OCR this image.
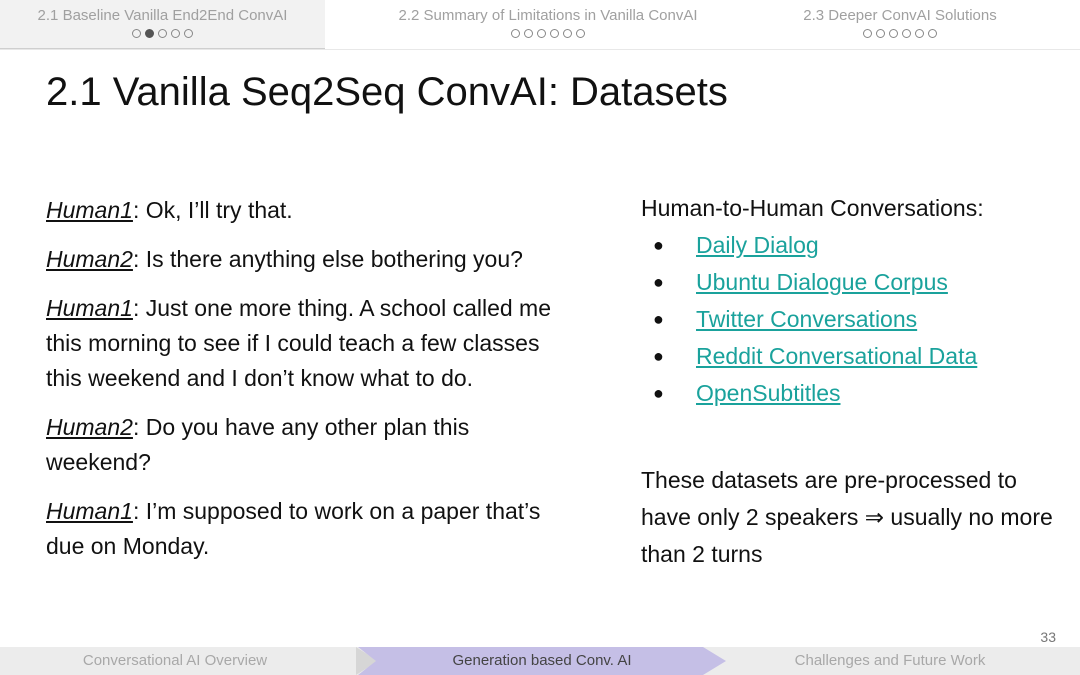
2.1 Baseline Vanilla End2End ConvAI	2.2 Summary of Limitations in Vanilla ConvAI	2.3 Deeper ConvAI Solutions
2.1 Vanilla Seq2Seq ConvAI: Datasets
Human1: Ok, I’ll try that.
Human2: Is there anything else bothering you?
Human1: Just one more thing. A school called me this morning to see if I could teach a few classes this weekend and I don’t know what to do.
Human2: Do you have any other plan this weekend?
Human1: I’m supposed to work on a paper that’s due on Monday.

Human-to-Human Conversations:

● Daily Dialog
● Ubuntu Dialogue Corpus
● Twitter Conversations
● Reddit Conversational Data
● OpenSubtitles
These datasets are pre-processed to have only 2 speakers ⇒ usually no more than 2 turns
33
Conversational AI Overview	Generation based Conv. AI	Challenges and Future Work
